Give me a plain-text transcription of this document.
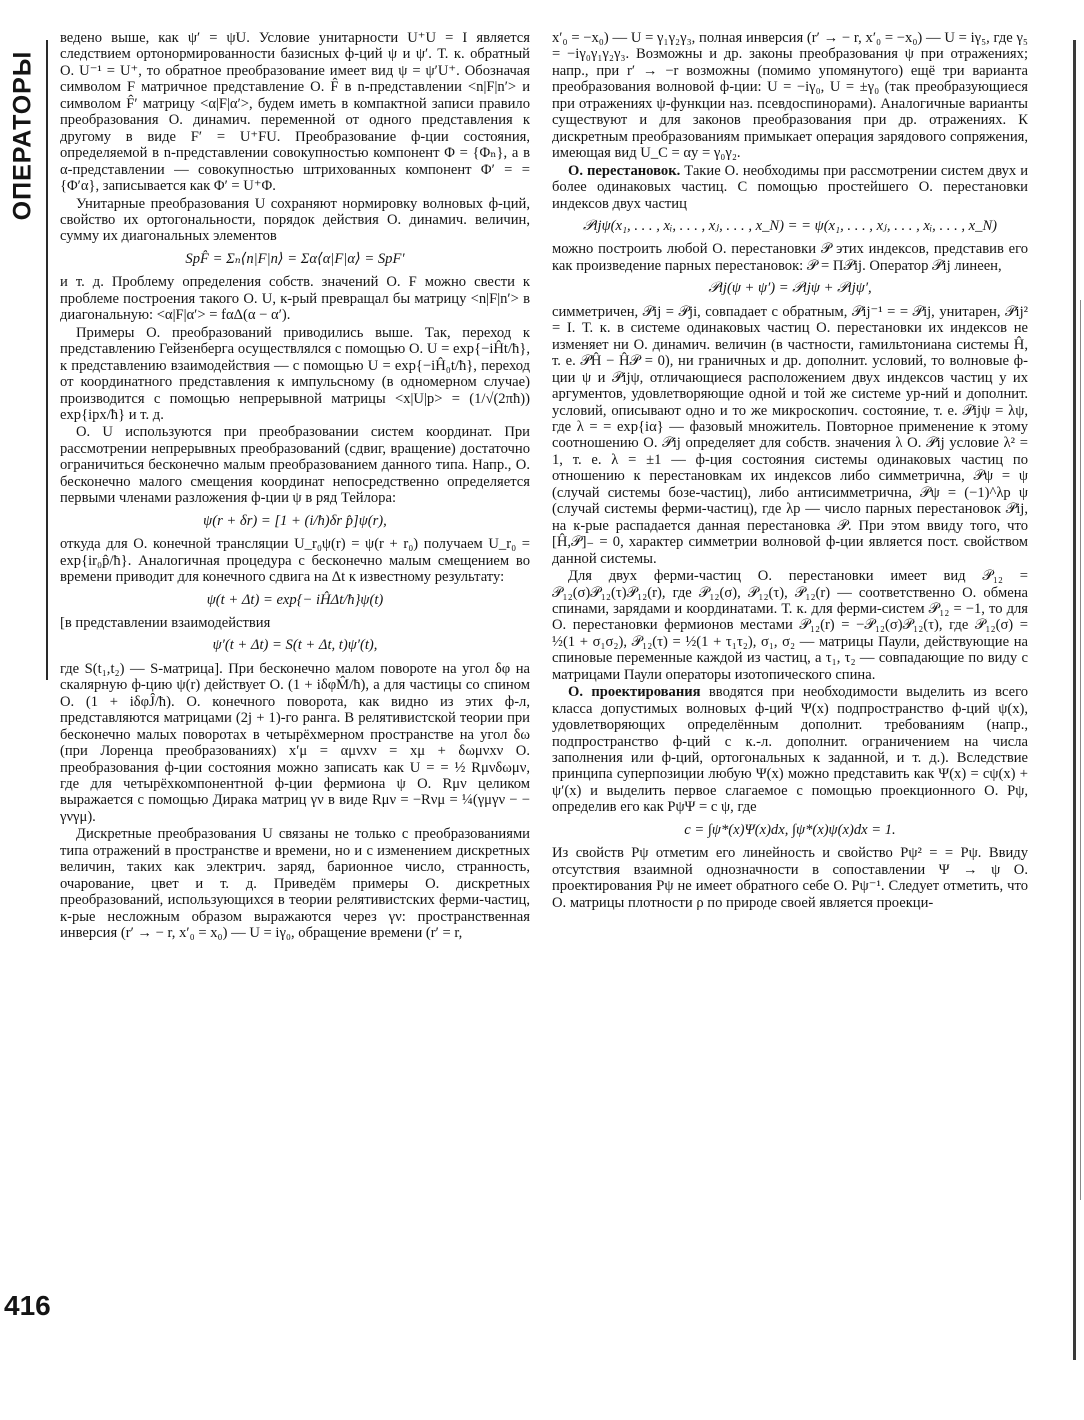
ОПЕРАТОРЫ

ведено выше, как ψ′ = ψU. Условие унитарности U⁺U = I является следствием ортонормированности базисных ф-ций ψ и ψ′. Т. к. обратный О. U⁻¹ = U⁺, то обратное преобразование имеет вид ψ = ψ′U⁺. Обозначая символом F матричное представление О. F̂ в n-представлении <n|F|n′> и символом F̂′ матрицу <α|F|α′>, будем иметь в компактной записи правило преобразования О. динамич. переменной от одного представления к другому в виде F′ = U⁺FU. Преобразование ф-ции состояния, определяемой в n-представлении совокупностью компонент Φ = {Φₙ}, а в α-представлении — совокупностью штрихованных компонент Φ′ = = {Φ′α}, записывается как Φ′ = U⁺Φ.

Унитарные преобразования U сохраняют нормировку волновых ф-ций, свойство их ортогональности, порядок действия О. динамич. величин, сумму их диагональных элементов

SpF̂ = Σₙ⟨n|F|n⟩ = Σα⟨α|F|α⟩ = SpF′

и т. д. Проблему определения собств. значений О. F можно свести к проблеме построения такого О. U, к-рый превращал бы матрицу <n|F|n′> в диагональную: <α|F|α′> = fαΔ(α − α′).

Примеры О. преобразований приводились выше. Так, переход к представлению Гейзенберга осуществлялся с помощью О. U = exp{−iĤt/ħ}, к представлению взаимодействия — с помощью U = exp{−iĤ₀t/ħ}, переход от координатного представления к импульсному (в одномерном случае) производится с помощью непрерывной матрицы <x|U|p> = (1/√(2πħ)) exp{ipx/ħ} и т. д.

О. U используются при преобразовании систем координат. При рассмотрении непрерывных преобразований (сдвиг, вращение) достаточно ограничиться бесконечно малым преобразованием данного типа. Напр., О. бесконечно малого смещения координат непосредственно определяется первыми членами разложения ф-ции ψ в ряд Тейлора:

ψ(r + δr) = [1 + (i/ħ)δr p̂]ψ(r),

откуда для О. конечной трансляции U_r₀ψ(r) = ψ(r + r₀) получаем U_r₀ = exp{ir₀p̂/ħ}. Аналогичная процедура с бесконечно малым смещением во времени приводит для конечного сдвига на Δt к известному результату:

ψ(t + Δt) = exp{− iĤΔt/ħ}ψ(t)

[в представлении взаимодействия

ψ′(t + Δt) = S(t + Δt, t)ψ′(t),

где S(t₁,t₂) — S-матрица]. При бесконечно малом повороте на угол δφ на скалярную ф-цию ψ(r) действует О. (1 + iδφM̂/ħ), а для частицы со спином О. (1 + iδφĴ/ħ). О. конечного поворота, как видно из этих ф-л, представляются матрицами (2j + 1)-го ранга. В релятивистской теории при бесконечно малых поворотах в четырёхмерном пространстве на угол δω (при Лоренца преобразованиях) x′μ = αμνxν = xμ + δωμνxν О. преобразования ф-ции состояния можно записать как U = = ½ Rμνδωμν, где для четырёхкомпонентной ф-ции фермиона ψ О. Rμν целиком выражается с помощью Дирака матриц γν в виде Rμν = −Rνμ = ¼(γμγν − − γνγμ).

Дискретные преобразования U связаны не только с преобразованиями типа отражений в пространстве и времени, но и с изменением дискретных величин, таких как электрич. заряд, барионное число, странность, очарование, цвет и т. д. Приведём примеры О. дискретных преобразований, использующихся в теории релятивистских ферми-частиц, к-рые несложным образом выражаются через γν: пространственная инверсия (r′ → − r, x′₀ = x₀) — U = iγ₀, обращение времени (r′ = r,

x′₀ = −x₀) — U = γ₁γ₂γ₃, полная инверсия (r′ → − r, x′₀ = −x₀) — U = iγ₅, где γ₅ = −iγ₀γ₁γ₂γ₃. Возможны и др. законы преобразования ψ при отражениях; напр., при r′ → −r возможны (помимо упомянутого) ещё три варианта преобразования волновой ф-ции: U = −iγ₀, U = ±γ₀ (так преобразующиеся при отражениях ψ-функции наз. псевдоспинорами). Аналогичные варианты существуют и для законов преобразования при др. отражениях. К дискретным преобразованиям примыкает операция зарядового сопряжения, имеющая вид U_C = αy = γ₀γ₂.

О. перестановок. Такие О. необходимы при рассмотрении систем двух и более одинаковых частиц. С помощью простейшего О. перестановки индексов двух частиц

𝒫ijψ(x₁, . . . , xᵢ, . . . , xⱼ, . . . , x_N) = = ψ(x₁, . . . , xⱼ, . . . , xᵢ, . . . , x_N)

можно построить любой О. перестановки 𝒫 этих индексов, представив его как произведение парных перестановок: 𝒫 = Π𝒫ij. Оператор 𝒫ij линеен,

𝒫ij(ψ + ψ′) = 𝒫ijψ + 𝒫ijψ′,

симметричен, 𝒫ij = 𝒫ji, совпадает с обратным, 𝒫ij⁻¹ = = 𝒫ij, унитарен, 𝒫ij² = I. Т. к. в системе одинаковых частиц О. перестановки их индексов не изменяет ни О. динамич. величин (в частности, гамильтониана системы Ĥ, т. е. 𝒫Ĥ − Ĥ𝒫 = 0), ни граничных и др. дополнит. условий, то волновые ф-ции ψ и 𝒫ijψ, отличающиеся расположением двух индексов частиц у их аргументов, удовлетворяющие одной и той же системе ур-ний и дополнит. условий, описывают одно и то же микроскопич. состояние, т. е. 𝒫ijψ = λψ, где λ = = exp{iα} — фазовый множитель. Повторное применение к этому соотношению О. 𝒫ij определяет для собств. значения λ О. 𝒫ij условие λ² = 1, т. е. λ = ±1 — ф-ция состояния системы одинаковых частиц по отношению к перестановкам их индексов либо симметрична, 𝒫ψ = ψ (случай системы бозе-частиц), либо антисимметрична, 𝒫ψ = (−1)^λp ψ (случай системы ферми-частиц), где λp — число парных перестановок 𝒫ij, на к-рые распадается данная перестановка 𝒫. При этом ввиду того, что [Ĥ,𝒫]₋ = 0, характер симметрии волновой ф-ции является пост. свойством данной системы.

Для двух ферми-частиц О. перестановки имеет вид 𝒫₁₂ = 𝒫₁₂(σ)𝒫₁₂(τ)𝒫₁₂(r), где 𝒫₁₂(σ), 𝒫₁₂(τ), 𝒫₁₂(r) — соответственно О. обмена спинами, зарядами и координатами. Т. к. для ферми-систем 𝒫₁₂ = −1, то для О. перестановки фермионов местами 𝒫₁₂(r) = −𝒫₁₂(σ)𝒫₁₂(τ), где 𝒫₁₂(σ) = ½(1 + σ₁σ₂), 𝒫₁₂(τ) = ½(1 + τ₁τ₂), σ₁, σ₂ — матрицы Паули, действующие на спиновые переменные каждой из частиц, а τ₁, τ₂ — совпадающие по виду с матрицами Паули операторы изотопического спина.

О. проектирования вводятся при необходимости выделить из всего класса допустимых волновых ф-ций Ψ(x) подпространство ф-ций ψ(x), удовлетворяющих определённым дополнит. требованиям (напр., подпространство ф-ций с к.-л. дополнит. ограничением на числа заполнения или ф-ций, ортогональных к заданной, и т. д.). Вследствие принципа суперпозиции любую Ψ(x) можно представить как Ψ(x) = cψ(x) + ψ′(x) и выделить первое слагаемое с помощью проекционного О. Pψ, определив его как PψΨ = c ψ, где

c = ∫ψ*(x)Ψ(x)dx, ∫ψ*(x)ψ(x)dx = 1.

Из свойств Pψ отметим его линейность и свойство Pψ² = = Pψ. Ввиду отсутствия взаимной однозначности в сопоставлении Ψ → ψ О. проектирования Pψ не имеет обратного себе О. Pψ⁻¹. Следует отметить, что О. матрицы плотности ρ по природе своей является проекци-

416
